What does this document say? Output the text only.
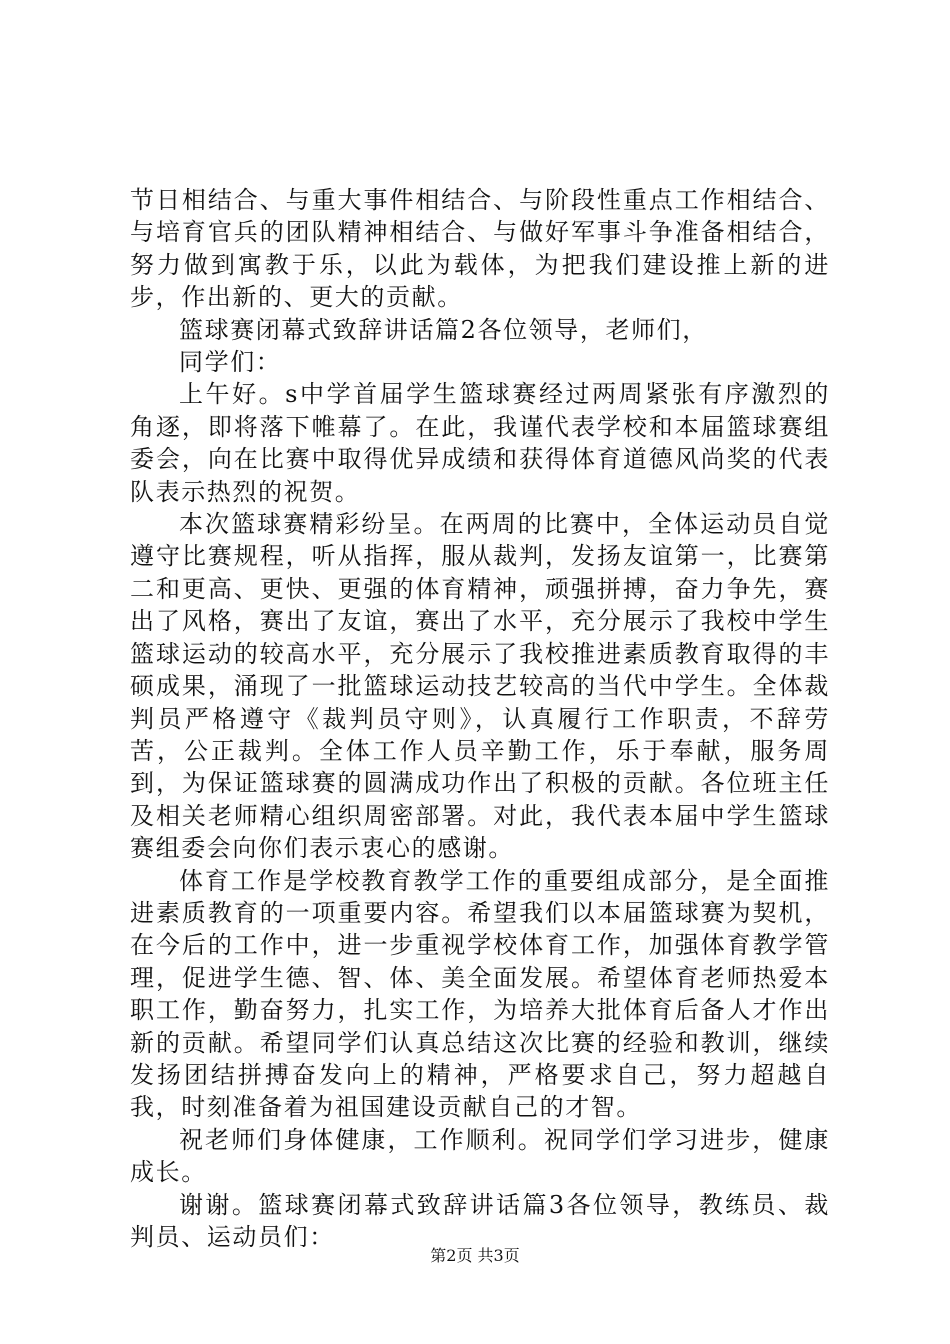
节日相结合、与重大事件相结合、与阶段性重点工作相结合、与培育官兵的团队精神相结合、与做好军事斗争准备相结合，努力做到寓教于乐，以此为载体，为把我们建设推上新的进步，作出新的、更大的贡献。

篮球赛闭幕式致辞讲话篇2各位领导，老师们，

同学们：

上午好。s中学首届学生篮球赛经过两周紧张有序激烈的角逐，即将落下帷幕了。在此，我谨代表学校和本届篮球赛组委会，向在比赛中取得优异成绩和获得体育道德风尚奖的代表队表示热烈的祝贺。

本次篮球赛精彩纷呈。在两周的比赛中，全体运动员自觉遵守比赛规程，听从指挥，服从裁判，发扬友谊第一，比赛第二和更高、更快、更强的体育精神，顽强拼搏，奋力争先，赛出了风格，赛出了友谊，赛出了水平，充分展示了我校中学生篮球运动的较高水平，充分展示了我校推进素质教育取得的丰硕成果，涌现了一批篮球运动技艺较高的当代中学生。全体裁判员严格遵守《裁判员守则》，认真履行工作职责，不辞劳苦，公正裁判。全体工作人员辛勤工作，乐于奉献，服务周到，为保证篮球赛的圆满成功作出了积极的贡献。各位班主任及相关老师精心组织周密部署。对此，我代表本届中学生篮球赛组委会向你们表示衷心的感谢。

体育工作是学校教育教学工作的重要组成部分，是全面推进素质教育的一项重要内容。希望我们以本届篮球赛为契机，在今后的工作中，进一步重视学校体育工作，加强体育教学管理，促进学生德、智、体、美全面发展。希望体育老师热爱本职工作，勤奋努力，扎实工作，为培养大批体育后备人才作出新的贡献。希望同学们认真总结这次比赛的经验和教训，继续发扬团结拼搏奋发向上的精神，严格要求自己，努力超越自我，时刻准备着为祖国建设贡献自己的才智。

祝老师们身体健康，工作顺利。祝同学们学习进步，健康成长。

谢谢。篮球赛闭幕式致辞讲话篇3各位领导，教练员、裁判员、运动员们：

第2页 共3页
